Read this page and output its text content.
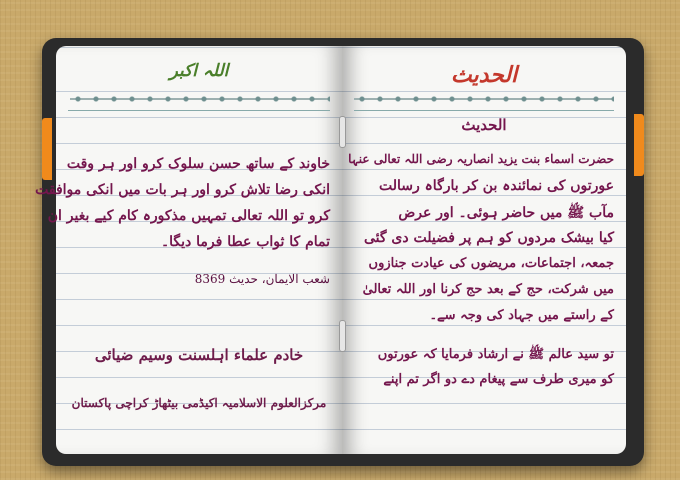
اللہ اکبر
خاوند کے ساتھ حسن سلوک کرو اور ہر وقت
انکی رضا تلاش کرو اور ہر بات میں انکی موافقت
کرو تو اللہ تعالی تمہیں مذکورہ کام کیے بغیر ان
تمام کا ثواب عطا فرما دیگا۔
شعب الایمان، حدیث 8369
خادم علماء اہلسنت وسیم ضیائی
مرکزالعلوم الاسلامیہ اکیڈمی بیٹھاڑ کراچی پاکستان
الحدیث
الحدیث
حضرت اسماء بنت یزید انصاریہ رضی اللہ تعالی عنہا
عورتوں کی نمائندہ بن کر بارگاہ رسالت
مآب ﷺ میں حاضر ہوئی۔ اور عرض
کیا بیشک مردوں کو ہم پر فضیلت دی گئی
جمعہ، اجتماعات، مریضوں کی عیادت جنازوں
میں شرکت، حج کے بعد حج کرنا اور اللہ تعالیٰ
کے راستے میں جہاد کی وجہ سے۔
تو سید عالم ﷺ نے ارشاد فرمایا کہ عورتوں
کو میری طرف سے پیغام دے دو اگر تم اپنے
